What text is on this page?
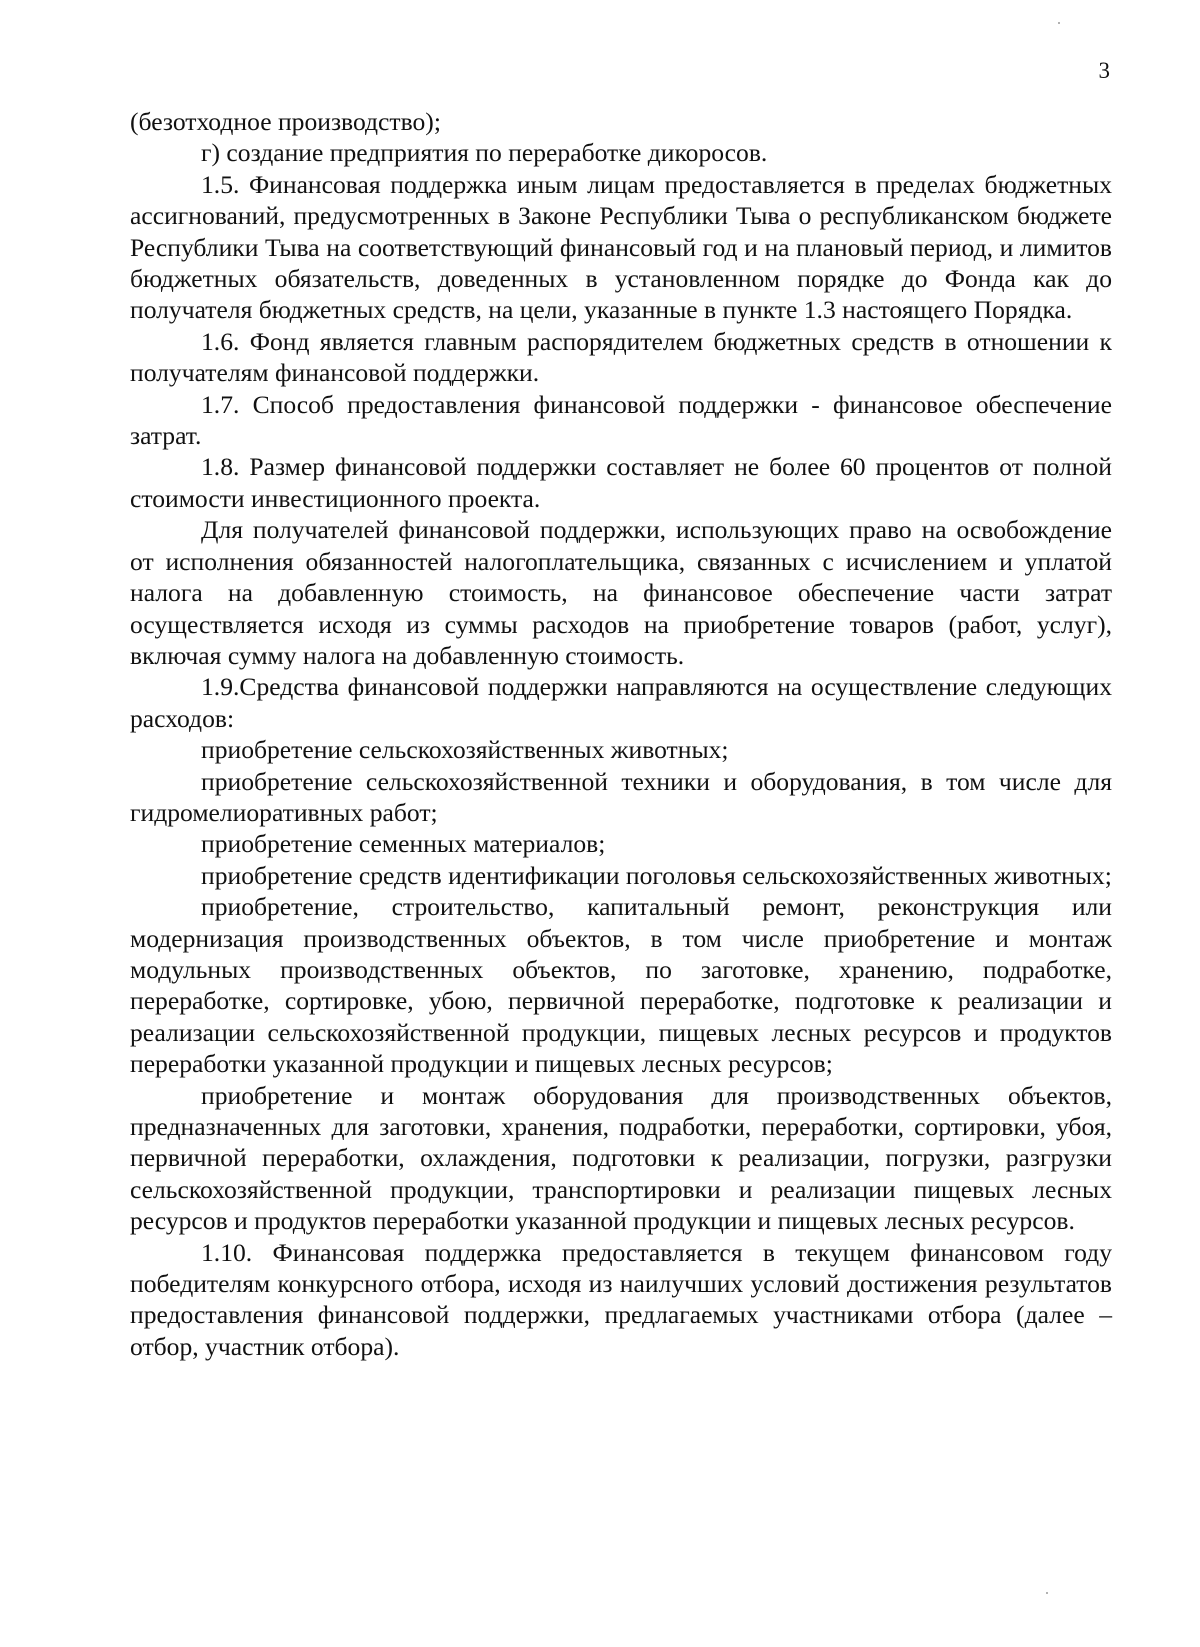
3

(безотходное производство);

г) создание предприятия по переработке дикоросов.

1.5. Финансовая поддержка иным лицам предоставляется в пределах бюджетных ассигнований, предусмотренных в Законе Республики Тыва о республиканском бюджете Республики Тыва на соответствующий финансовый год и на плановый период, и лимитов бюджетных обязательств, доведенных в установленном порядке до Фонда как до получателя бюджетных средств, на цели, указанные в пункте 1.3 настоящего Порядка.

1.6. Фонд является главным распорядителем бюджетных средств в отношении к получателям финансовой поддержки.

1.7. Способ предоставления финансовой поддержки - финансовое обеспечение затрат.

1.8. Размер финансовой поддержки составляет не более 60 процентов от полной стоимости инвестиционного проекта.

Для получателей финансовой поддержки, использующих право на освобождение от исполнения обязанностей налогоплательщика, связанных с исчислением и уплатой налога на добавленную стоимость, на финансовое обеспечение части затрат осуществляется исходя из суммы расходов на приобретение товаров (работ, услуг), включая сумму налога на добавленную стоимость.

1.9.Средства финансовой поддержки направляются на осуществление следующих расходов:

приобретение сельскохозяйственных животных;

приобретение сельскохозяйственной техники и оборудования, в том числе для гидромелиоративных работ;

приобретение семенных материалов;

приобретение средств идентификации поголовья сельскохозяйственных животных;

приобретение, строительство, капитальный ремонт, реконструкция или модернизация производственных объектов, в том числе приобретение и монтаж модульных производственных объектов, по заготовке, хранению, подработке, переработке, сортировке, убою, первичной переработке, подготовке к реализации и реализации сельскохозяйственной продукции, пищевых лесных ресурсов и продуктов переработки указанной продукции и пищевых лесных ресурсов;

приобретение и монтаж оборудования для производственных объектов, предназначенных для заготовки, хранения, подработки, переработки, сортировки, убоя, первичной переработки, охлаждения, подготовки к реализации, погрузки, разгрузки сельскохозяйственной продукции, транспортировки и реализации пищевых лесных ресурсов и продуктов переработки указанной продукции и пищевых лесных ресурсов.

1.10. Финансовая поддержка предоставляется в текущем финансовом году победителям конкурсного отбора, исходя из наилучших условий достижения результатов предоставления финансовой поддержки, предлагаемых участниками отбора (далее – отбор, участник отбора).
